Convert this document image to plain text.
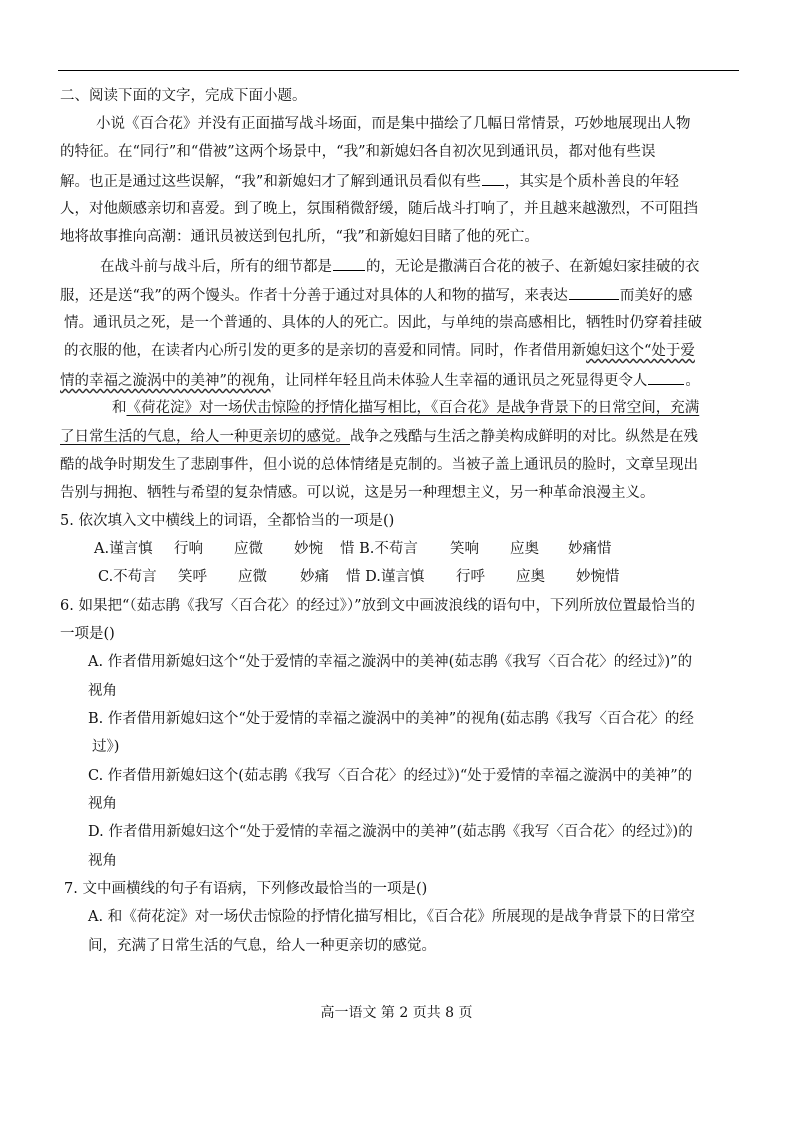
二、阅读下面的文字，完成下面小题。
小说《百合花》并没有正面描写战斗场面，而是集中描绘了几幅日常情景，巧妙地展现出人物
的特征。在“同行”和“借被”这两个场景中，“我”和新媳妇各自初次见到通讯员，都对他有些误
解。也正是通过这些误解，“我”和新媳妇才了解到通讯员看似有些 ，其实是个质朴善良的年轻
人，对他颇感亲切和喜爱。到了晚上，氛围稍微舒缓，随后战斗打响了，并且越来越激烈，不可阻挡
地将故事推向高潮：通讯员被送到包扎所，“我”和新媳妇目睹了他的死亡。
在战斗前与战斗后，所有的细节都是 的，无论是撒满百合花的被子、在新媳妇家挂破的衣
服，还是送“我”的两个馒头。作者十分善于通过对具体的人和物的描写，来表达	而美好的感
情。通讯员之死，是一个普通的、具体的人的死亡。因此，与单纯的崇高感相比，牺牲时仍穿着挂破
的衣服的他，在读者内心所引发的更多的是亲切的喜爱和同情。同时，作者借用新媳妇这个“处于爱
情的幸福之漩涡中的美神”的视角，让同样年轻且尚未体验人生幸福的通讯员之死显得更令人	。
和《荷花淀》对一场伏击惊险的抒情化描写相比，《百合花》是战争背景下的日常空间，充满
了日常生活的气息，给人一种更亲切的感觉。战争之残酷与生活之静美构成鲜明的对比。纵然是在残
酷的战争时期发生了悲剧事件，但小说的总体情绪是克制的。当被子盖上通讯员的脸时，文章呈现出
告别与拥抱、牺牲与希望的复杂情感。可以说，这是另一种理想主义，另一种革命浪漫主义。
5. 依次填入文中横线上的词语，全都恰当的一项是()
A.谨言慎 行响 应微 妙惋 惜 B.不苟言 笑响 应奥 妙痛惜
C.不苟言 笑呼 应微 妙痛 惜 D.谨言慎 行呼 应奥 妙惋惜
6. 如果把“（茹志鹃《我写〈百合花〉的经过》）”放到文中画波浪线的语句中，下列所放位置最恰当的
一项是()
A. 作者借用新媳妇这个“处于爱情的幸福之漩涡中的美神(茹志鹃《我写〈百合花〉的经过》)”的
视角
B. 作者借用新媳妇这个“处于爱情的幸福之漩涡中的美神”的视角(茹志鹃《我写〈百合花〉的经
过》)
C. 作者借用新媳妇这个(茹志鹃《我写〈百合花〉的经过》)“处于爱情的幸福之漩涡中的美神”的
视角
D. 作者借用新媳妇这个“处于爱情的幸福之漩涡中的美神”(茹志鹃《我写〈百合花〉的经过》)的
视角
7. 文中画横线的句子有语病，下列修改最恰当的一项是()
A. 和《荷花淀》对一场伏击惊险的抒情化描写相比，《百合花》所展现的是战争背景下的日常空
间，充满了日常生活的气息，给人一种更亲切的感觉。
高一语文 第 2 页共 8 页
